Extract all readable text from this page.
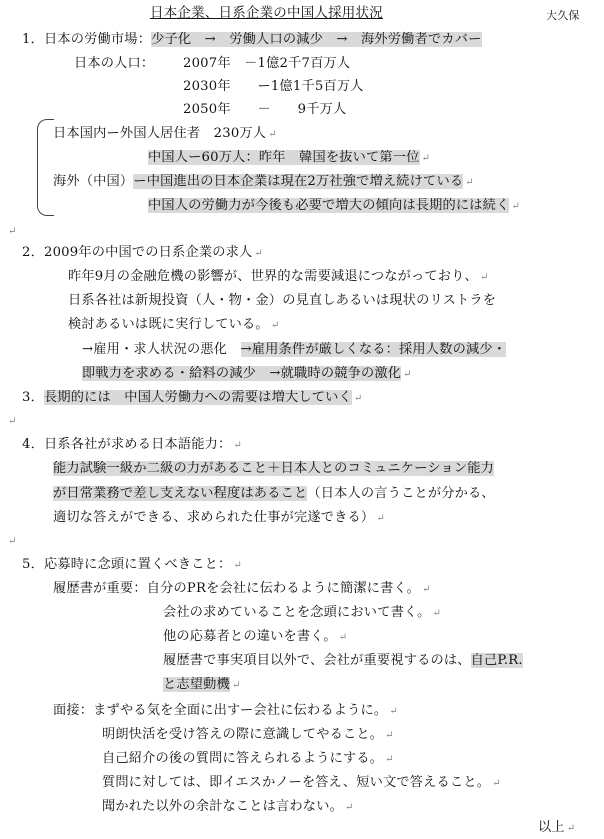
日本企業、日系企業の中国人採用状況	大久保
1．日本の労働市場：少子化　→　労働人口の減少　→　海外労働者でカバー
日本の人口： 2007年　－1億2千7百万人
2030年　　ー1億1千5百万人
2050年　　－　　9千万人
日本国内ー外国人居住者　230万人 ↵
中国人ー60万人：昨年　韓国を抜いて第一位 ↵
海外（中国）ー中国進出の日本企業は現在2万社強で増え続けている ↵
中国人の労働力が今後も必要で増大の傾向は長期的には続く ↵
↵
2．2009年の中国での日系企業の求人 ↵
昨年9月の金融危機の影響が、世界的な需要減退につながっており、 ↵
日系各社は新規投資（人・物・金）の見直しあるいは現状のリストラを
検討あるいは既に実行している。 ↵
→雇用・求人状況の悪化　→雇用条件が厳しくなる：採用人数の減少・
即戦力を求める・給料の減少　→就職時の競争の激化 ↵
3．長期的には　中国人労働力への需要は増大していく ↵
↵
4．日系各社が求める日本語能力： ↵
能力試験一級か二級の力があること＋日本人とのコミュニケーション能力
が日常業務で差し支えない程度はあること（日本人の言うことが分かる、
適切な答えができる、求められた仕事が完遂できる） ↵
↵
5．応募時に念頭に置くべきこと： ↵
履歴書が重要：自分のPRを会社に伝わるように簡潔に書く。 ↵
会社の求めていることを念頭において書く。 ↵
他の応募者との違いを書く。 ↵
履歴書で事実項目以外で、会社が重要視するのは、自己P.R.
と志望動機 ↵
面接：まずやる気を全面に出すー会社に伝わるように。 ↵
明朗快活を受け答えの際に意識してやること。 ↵
自己紹介の後の質問に答えられるようにする。 ↵
質問に対しては、即イエスかノーを答え、短い文で答えること。 ↵
聞かれた以外の余計なことは言わない。 ↵
以上 ↵
